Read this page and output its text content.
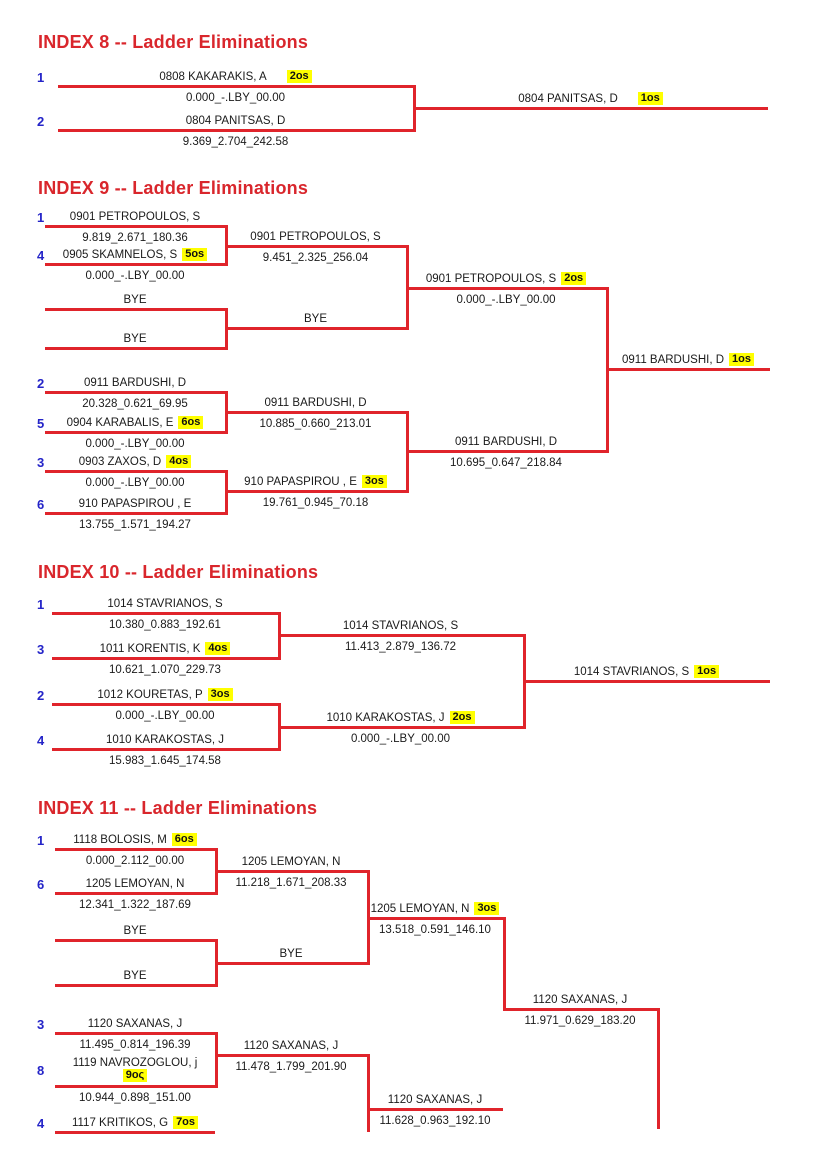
INDEX 8 -- Ladder Eliminations
1
2
0808 KAKARAKIS, A 2os
0.000_-.LBY_00.00
0804 PANITSAS, D
9.369_2.704_242.58
0804 PANITSAS, D 1os
INDEX 9 -- Ladder Eliminations
1
4
2
5
3
6
0901 PETROPOULOS, S
9.819_2.671_180.36
0905 SKAMNELOS, S 5os
0.000_-.LBY_00.00
BYE
BYE
0911 BARDUSHI, D
20.328_0.621_69.95
0904 KARABALIS, E 6os
0.000_-.LBY_00.00
0903 ZAXOS, D 4os
0.000_-.LBY_00.00
910 PAPASPIROU , E
13.755_1.571_194.27
0901 PETROPOULOS, S
9.451_2.325_256.04
BYE
0911 BARDUSHI, D
10.885_0.660_213.01
910 PAPASPIROU , E 3os
19.761_0.945_70.18
0901 PETROPOULOS, S 2os
0.000_-.LBY_00.00
0911 BARDUSHI, D
10.695_0.647_218.84
0911 BARDUSHI, D 1os
INDEX 10 -- Ladder Eliminations
1
3
2
4
1014 STAVRIANOS, S
10.380_0.883_192.61
1011 KORENTIS, K 4os
10.621_1.070_229.73
1012 KOURETAS, P 3os
0.000_-.LBY_00.00
1010 KARAKOSTAS, J
15.983_1.645_174.58
1014 STAVRIANOS, S
11.413_2.879_136.72
1010 KARAKOSTAS, J 2os
0.000_-.LBY_00.00
1014 STAVRIANOS, S 1os
INDEX 11 -- Ladder Eliminations
1
6
3
8
4
1118 BOLOSIS, M 6os
0.000_2.112_00.00
1205 LEMOYAN, N
12.341_1.322_187.69
BYE
BYE
1120 SAXANAS, J
11.495_0.814_196.39
1119 NAVROZOGLOU, j
9oς
10.944_0.898_151.00
1117 KRITIKOS, G 7os
1205 LEMOYAN, N
11.218_1.671_208.33
BYE
1120 SAXANAS, J
11.478_1.799_201.90
1205 LEMOYAN, N 3os
13.518_0.591_146.10
1120 SAXANAS, J
11.628_0.963_192.10
1120 SAXANAS, J
11.971_0.629_183.20
